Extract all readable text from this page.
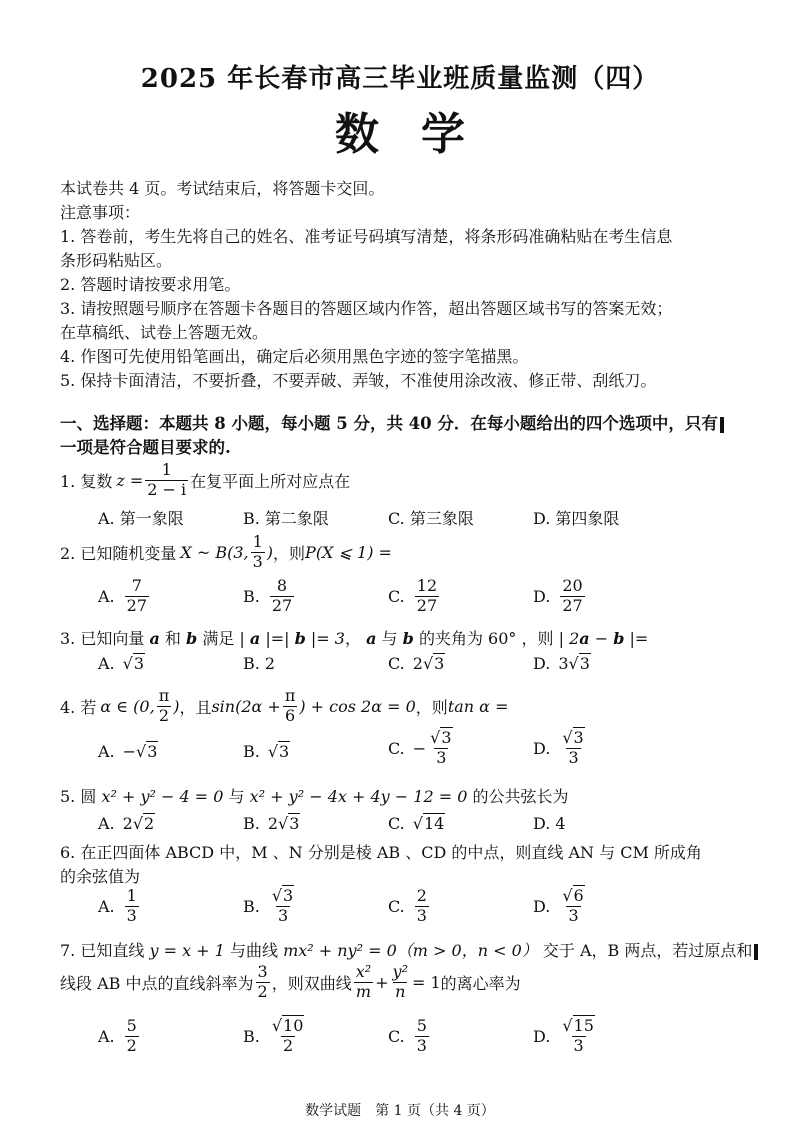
2025 年长春市高三毕业班质量监测（四）
数学
本试卷共 4 页。考试结束后，将答题卡交回。
注意事项：
1. 答卷前，考生先将自己的姓名、准考证号码填写清楚，将条形码准确粘贴在考生信息
条形码粘贴区。
2. 答题时请按要求用笔。
3. 请按照题号顺序在答题卡各题目的答题区域内作答，超出答题区域书写的答案无效；
在草稿纸、试卷上答题无效。
4. 作图可先使用铅笔画出，确定后必须用黑色字迹的签字笔描黑。
5. 保持卡面清洁，不要折叠，不要弄破、弄皱，不准使用涂改液、修正带、刮纸刀。
一、选择题：本题共 8 小题，每小题 5 分，共 40 分．在每小题给出的四个选项中，只有
一项是符合题目要求的.
1. 复数 $z = \frac{1}{2 - i}$ 在复平面上所对应点在
A. 第一象限	B. 第二象限	C. 第三象限	D. 第四象限
2. 已知随机变量 X ~ B(3, $\frac{1}{3}$ ) ，则 P(X ⩽ 1) =
A. $\frac{7}{27}$	B. $\frac{8}{27}$	C. $\frac{12}{27}$	D. $\frac{20}{27}$
3. 已知向量 a 和 b 满足 | a |=| b |= 3， a 与 b 的夹角为 60° ，则 | 2a − b |=
A. √3	B. 2	C. 2√3	D. 3√3
4. 若 α ∈ (0, $\frac{\pi}{2}$ ) ，且 $\sin(2\alpha + \frac{\pi}{6}$ ) + cos 2α = 0 ，则 tan α =
A. −√3	B. √3	C. − $\frac{√3}{3}$	D. $\frac{√3}{3}$
5. 圆 x² + y² − 4 = 0 与 x² + y² − 4x + 4y − 12 = 0 的公共弦长为
A. 2√2	B. 2√3	C. √14	D. 4
6. 在正四面体 ABCD 中，M 、N 分别是棱 AB 、CD 的中点，则直线 AN 与 CM 所成角
的余弦值为
A. $\frac{1}{3}$	B. $\frac{√3}{3}$	C. $\frac{2}{3}$	D. $\frac{√6}{3}$
7. 已知直线 y = x + 1 与曲线 mx² + ny² = 0（m > 0，n < 0） 交于 A，B 两点，若过原点和
线段 AB 中点的直线斜率为 $\frac{3}{2}$ ，则双曲线 $\frac{\text{x²}}{m} + \frac{\text{y²}}{n} = 1$ 的离心率为
A. $\frac{5}{2}$	B. $\frac{√10}{2}$	C. $\frac{5}{3}$	D. $\frac{√15}{3}$
数学试题　第 1 页（共 4 页）
